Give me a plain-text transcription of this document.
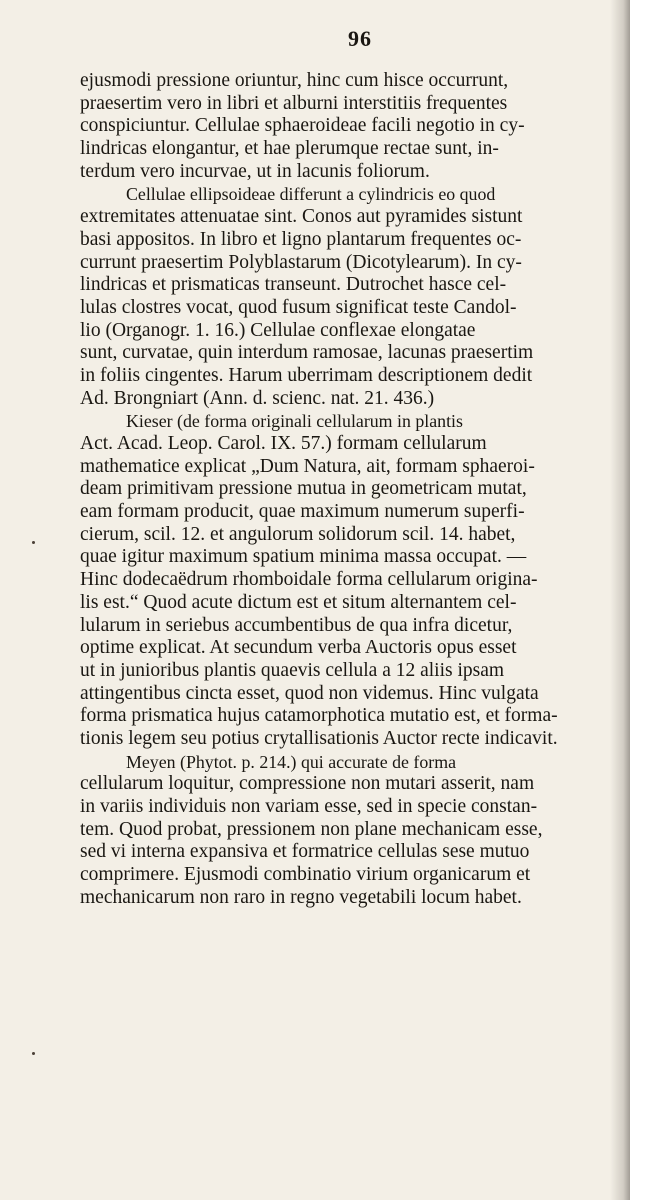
96
ejusmodi pressione oriuntur, hinc cum hisce occurrunt,
praesertim vero in libri et alburni interstitiis frequentes
conspiciuntur. Cellulae sphaeroideae facili negotio in cy-
lindricas elongantur, et hae plerumque rectae sunt, in-
terdum vero incurvae, ut in lacunis foliorum.
Cellulae ellipsoideae differunt a cylindricis eo quod
extremitates attenuatae sint. Conos aut pyramides sistunt
basi appositos. In libro et ligno plantarum frequentes oc-
currunt praesertim Polyblastarum (Dicotylearum). In cy-
lindricas et prismaticas transeunt. Dutrochet hasce cel-
lulas clostres vocat, quod fusum significat teste Candol-
lio (Organogr. 1. 16.) Cellulae conflexae elongatae
sunt, curvatae, quin interdum ramosae, lacunas praesertim
in foliis cingentes. Harum uberrimam descriptionem dedit
Ad. Brongniart (Ann. d. scienc. nat. 21. 436.)
Kieser (de forma originali cellularum in plantis
Act. Acad. Leop. Carol. IX. 57.) formam cellularum
mathematice explicat „Dum Natura, ait, formam sphaeroi-
deam primitivam pressione mutua in geometricam mutat,
eam formam producit, quae maximum numerum superfi-
cierum, scil. 12. et angulorum solidorum scil. 14. habet,
quae igitur maximum spatium minima massa occupat. —
Hinc dodecaëdrum rhomboidale forma cellularum origina-
lis est.“ Quod acute dictum est et situm alternantem cel-
lularum in seriebus accumbentibus de qua infra dicetur,
optime explicat. At secundum verba Auctoris opus esset
ut in junioribus plantis quaevis cellula a 12 aliis ipsam
attingentibus cincta esset, quod non videmus. Hinc vulgata
forma prismatica hujus catamorphotica mutatio est, et forma-
tionis legem seu potius crytallisationis Auctor recte indicavit.
Meyen (Phytot. p. 214.) qui accurate de forma
cellularum loquitur, compressione non mutari asserit, nam
in variis individuis non variam esse, sed in specie constan-
tem. Quod probat, pressionem non plane mechanicam esse,
sed vi interna expansiva et formatrice cellulas sese mutuo
comprimere. Ejusmodi combinatio virium organicarum et
mechanicarum non raro in regno vegetabili locum habet.
